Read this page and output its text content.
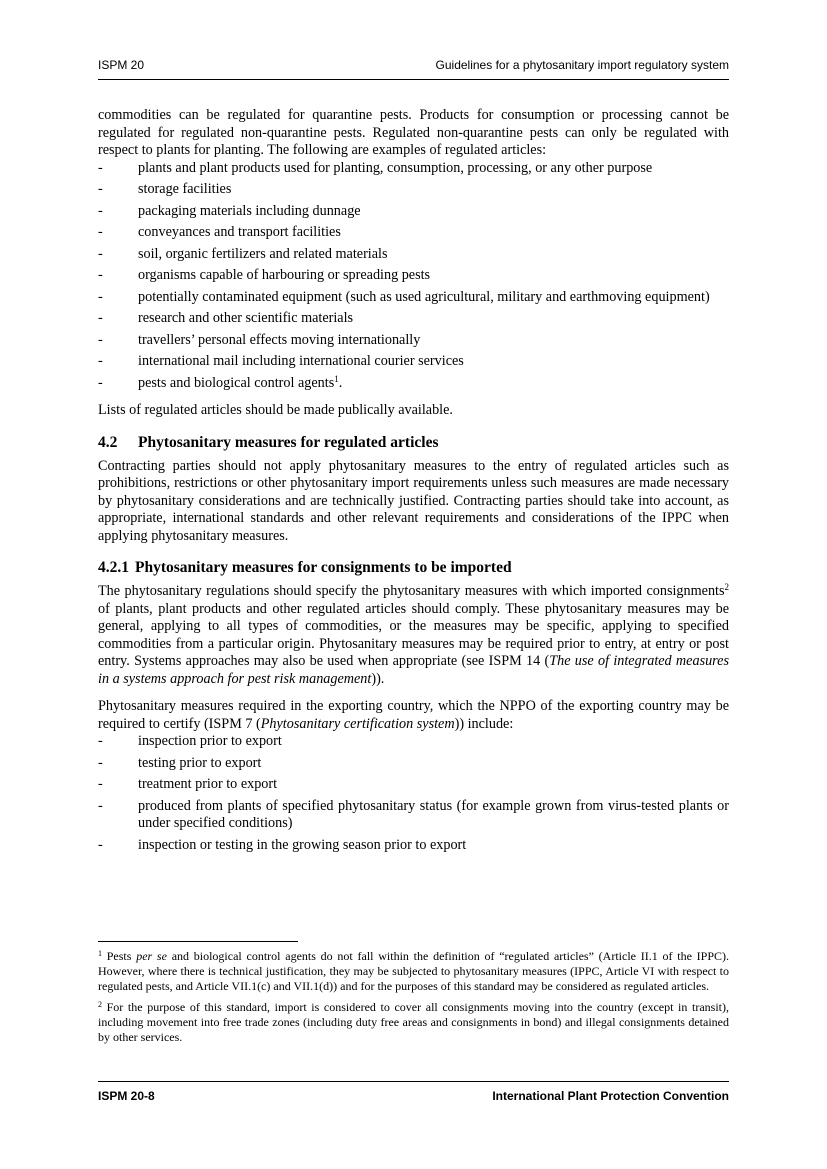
ISPM 20	Guidelines for a phytosanitary import regulatory system

commodities can be regulated for quarantine pests. Products for consumption or processing cannot be regulated for regulated non-quarantine pests. Regulated non-quarantine pests can only be regulated with respect to plants for planting. The following are examples of regulated articles:

- plants and plant products used for planting, consumption, processing, or any other purpose
- storage facilities
- packaging materials including dunnage
- conveyances and transport facilities
- soil, organic fertilizers and related materials
- organisms capable of harbouring or spreading pests
- potentially contaminated equipment (such as used agricultural, military and earthmoving equipment)
- research and other scientific materials
- travellers’ personal effects moving internationally
- international mail including international courier services
- pests and biological control agents$^1$.

Lists of regulated articles should be made publically available.

4.2 Phytosanitary measures for regulated articles

Contracting parties should not apply phytosanitary measures to the entry of regulated articles such as prohibitions, restrictions or other phytosanitary import requirements unless such measures are made necessary by phytosanitary considerations and are technically justified. Contracting parties should take into account, as appropriate, international standards and other relevant requirements and considerations of the IPPC when applying phytosanitary measures.

4.2.1 Phytosanitary measures for consignments to be imported

The phytosanitary regulations should specify the phytosanitary measures with which imported consignments$^2$ of plants, plant products and other regulated articles should comply. These phytosanitary measures may be general, applying to all types of commodities, or the measures may be specific, applying to specified commodities from a particular origin. Phytosanitary measures may be required prior to entry, at entry or post entry. Systems approaches may also be used when appropriate (see ISPM 14 (The use of integrated measures in a systems approach for pest risk management)).

Phytosanitary measures required in the exporting country, which the NPPO of the exporting country may be required to certify (ISPM 7 (Phytosanitary certification system)) include:

- inspection prior to export
- testing prior to export
- treatment prior to export
- produced from plants of specified phytosanitary status (for example grown from virus-tested plants or under specified conditions)
- inspection or testing in the growing season prior to export

$^1$ Pests per se and biological control agents do not fall within the definition of “regulated articles” (Article II.1 of the IPPC). However, where there is technical justification, they may be subjected to phytosanitary measures (IPPC, Article VI with respect to regulated pests, and Article VII.1(c) and VII.1(d)) and for the purposes of this standard may be considered as regulated articles.

$^2$ For the purpose of this standard, import is considered to cover all consignments moving into the country (except in transit), including movement into free trade zones (including duty free areas and consignments in bond) and illegal consignments detained by other services.

ISPM 20-8	International Plant Protection Convention
